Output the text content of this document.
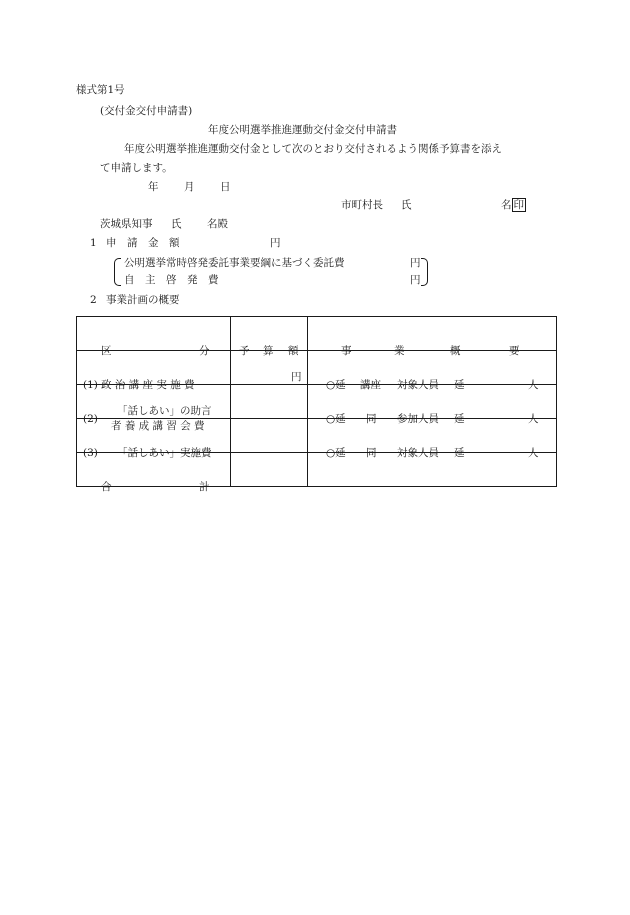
様式第1号
(交付金交付申請書)
年度公明選挙推進運動交付金交付申請書
年度公明選挙推進運動交付金として次のとおり交付されるよう関係予算書を添え
て申請します。
年 月 日
市町村長 氏	名 印
茨城県知事 氏 名殿
1 申　請　金　額	円
公明選挙常時啓発委託事業要綱に基づく委託費	円
自　主　啓　発　費	円
2 事業計画の概要
区 分	予 算 額	事 業 概 要

(1) 政 治 講 座 実 施 費	円	○延 講座 対象人員 延 人

(2)
「話しあい」の助言
者 養 成 講 習 会 費		○延 同 参加人員 延 人

(3) 「話しあい」実施費		○延 同 対象人員 延 人

合 計		
